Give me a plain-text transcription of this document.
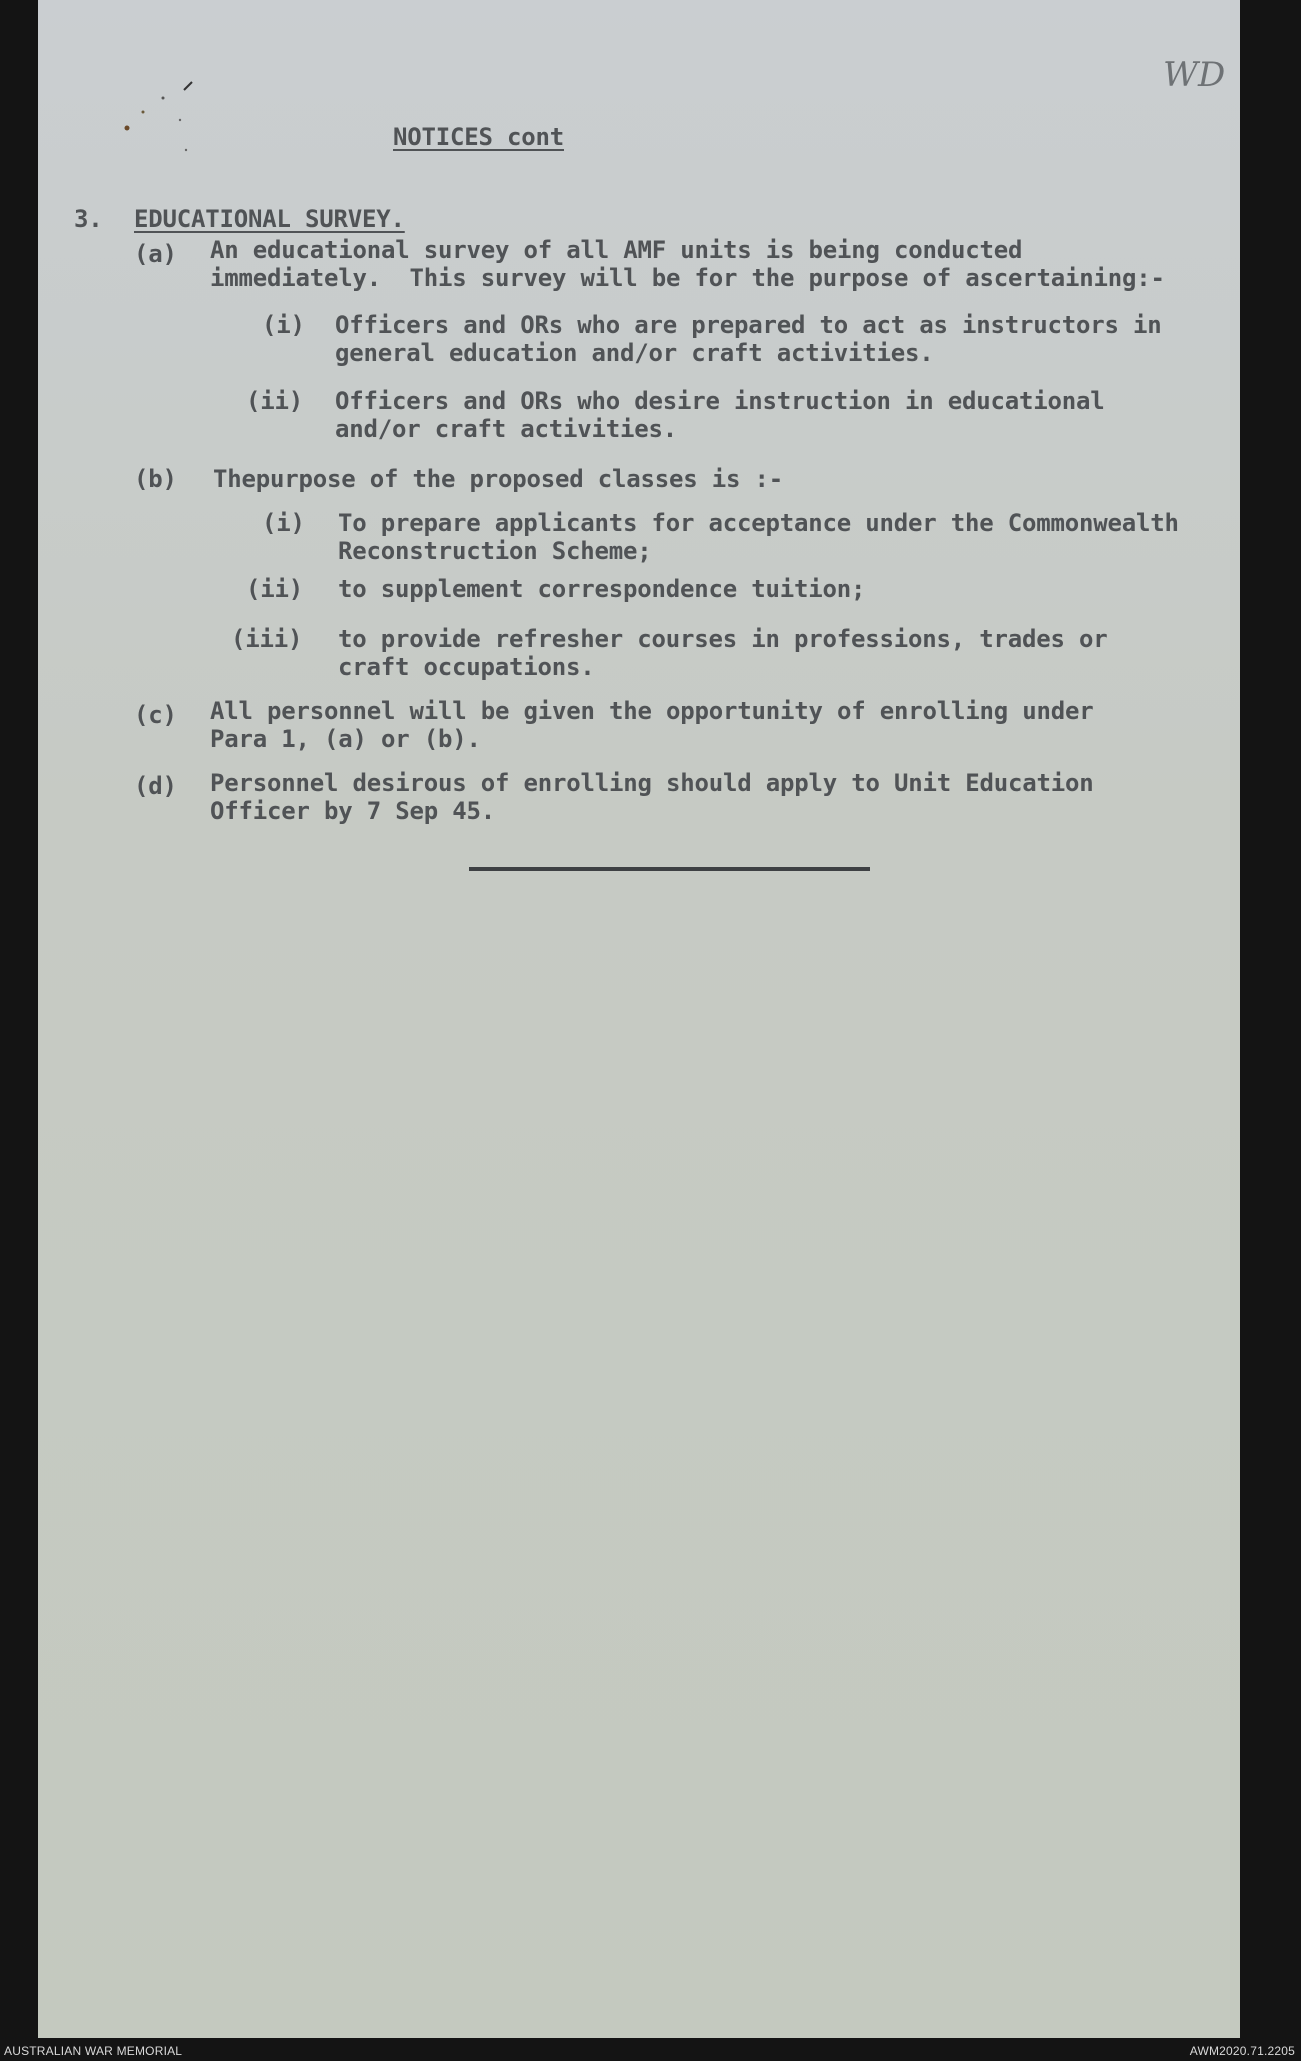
WD
NOTICES cont
3. EDUCATIONAL SURVEY.
(a) An educational survey of all AMF units is being conducted
immediately.  This survey will be for the purpose of ascertaining:-
(i) Officers and ORs who are prepared to act as instructors in
general education and/or craft activities.
(ii) Officers and ORs who desire instruction in educational
and/or craft activities.
(b) Thepurpose of the proposed classes is :-
(i) To prepare applicants for acceptance under the Commonwealth
Reconstruction Scheme;
(ii) to supplement correspondence tuition;
(iii) to provide refresher courses in professions, trades or
craft occupations.
(c) All personnel will be given the opportunity of enrolling under
Para 1, (a) or (b).
(d) Personnel desirous of enrolling should apply to Unit Education
Officer by 7 Sep 45.
AUSTRALIAN WAR MEMORIAL	AWM2020.71.2205
